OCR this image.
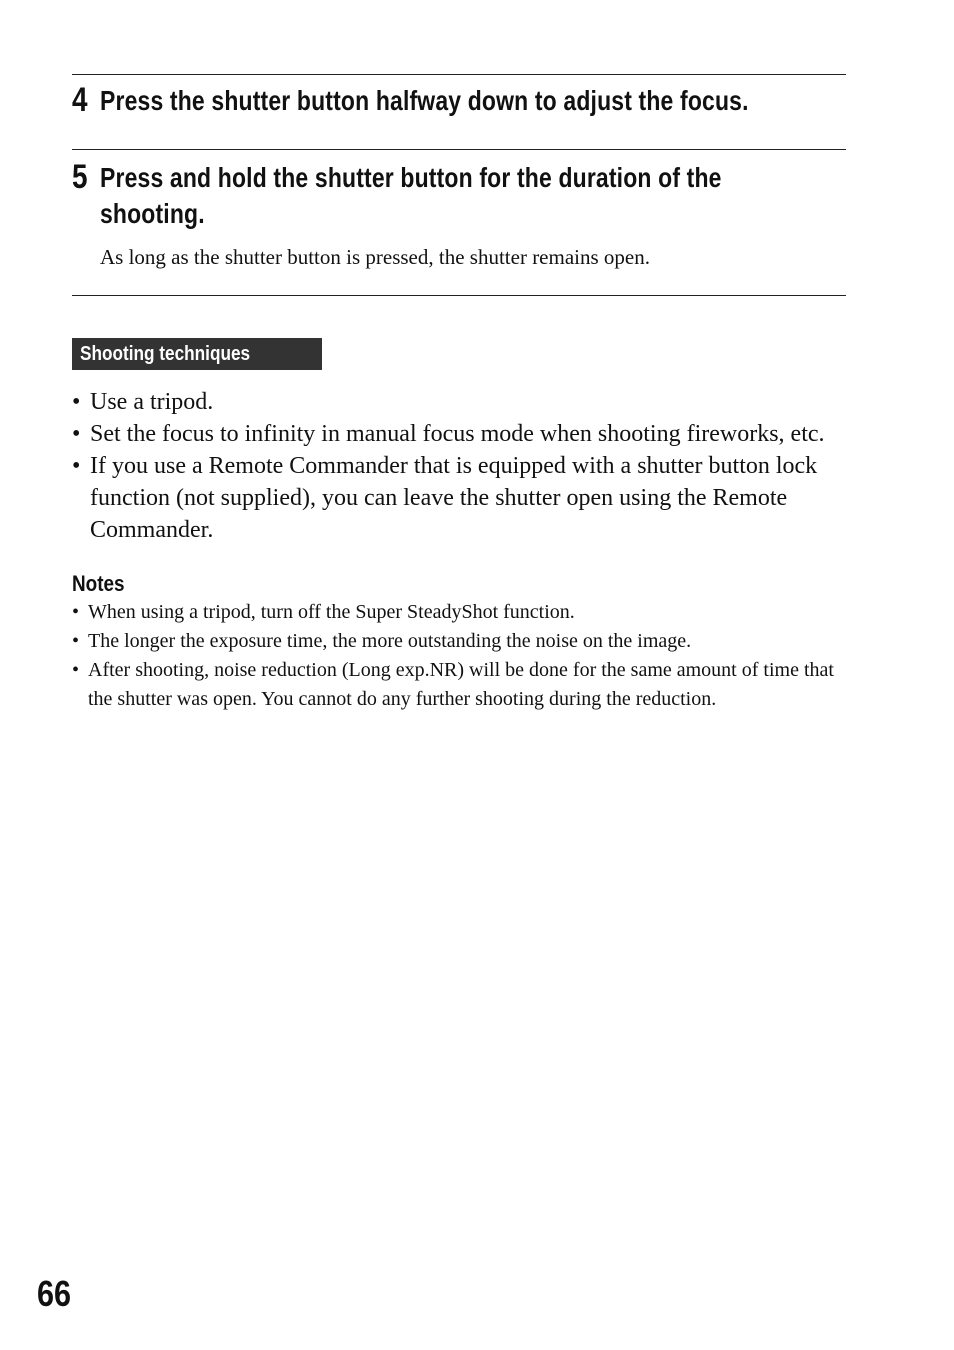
4 Press the shutter button halfway down to adjust the focus.
5 Press and hold the shutter button for the duration of the shooting.
As long as the shutter button is pressed, the shutter remains open.
Shooting techniques
• Use a tripod.
• Set the focus to infinity in manual focus mode when shooting fireworks, etc.
• If you use a Remote Commander that is equipped with a shutter button lock function (not supplied), you can leave the shutter open using the Remote Commander.
Notes
• When using a tripod, turn off the Super SteadyShot function.
• The longer the exposure time, the more outstanding the noise on the image.
• After shooting, noise reduction (Long exp.NR) will be done for the same amount of time that the shutter was open. You cannot do any further shooting during the reduction.
66
